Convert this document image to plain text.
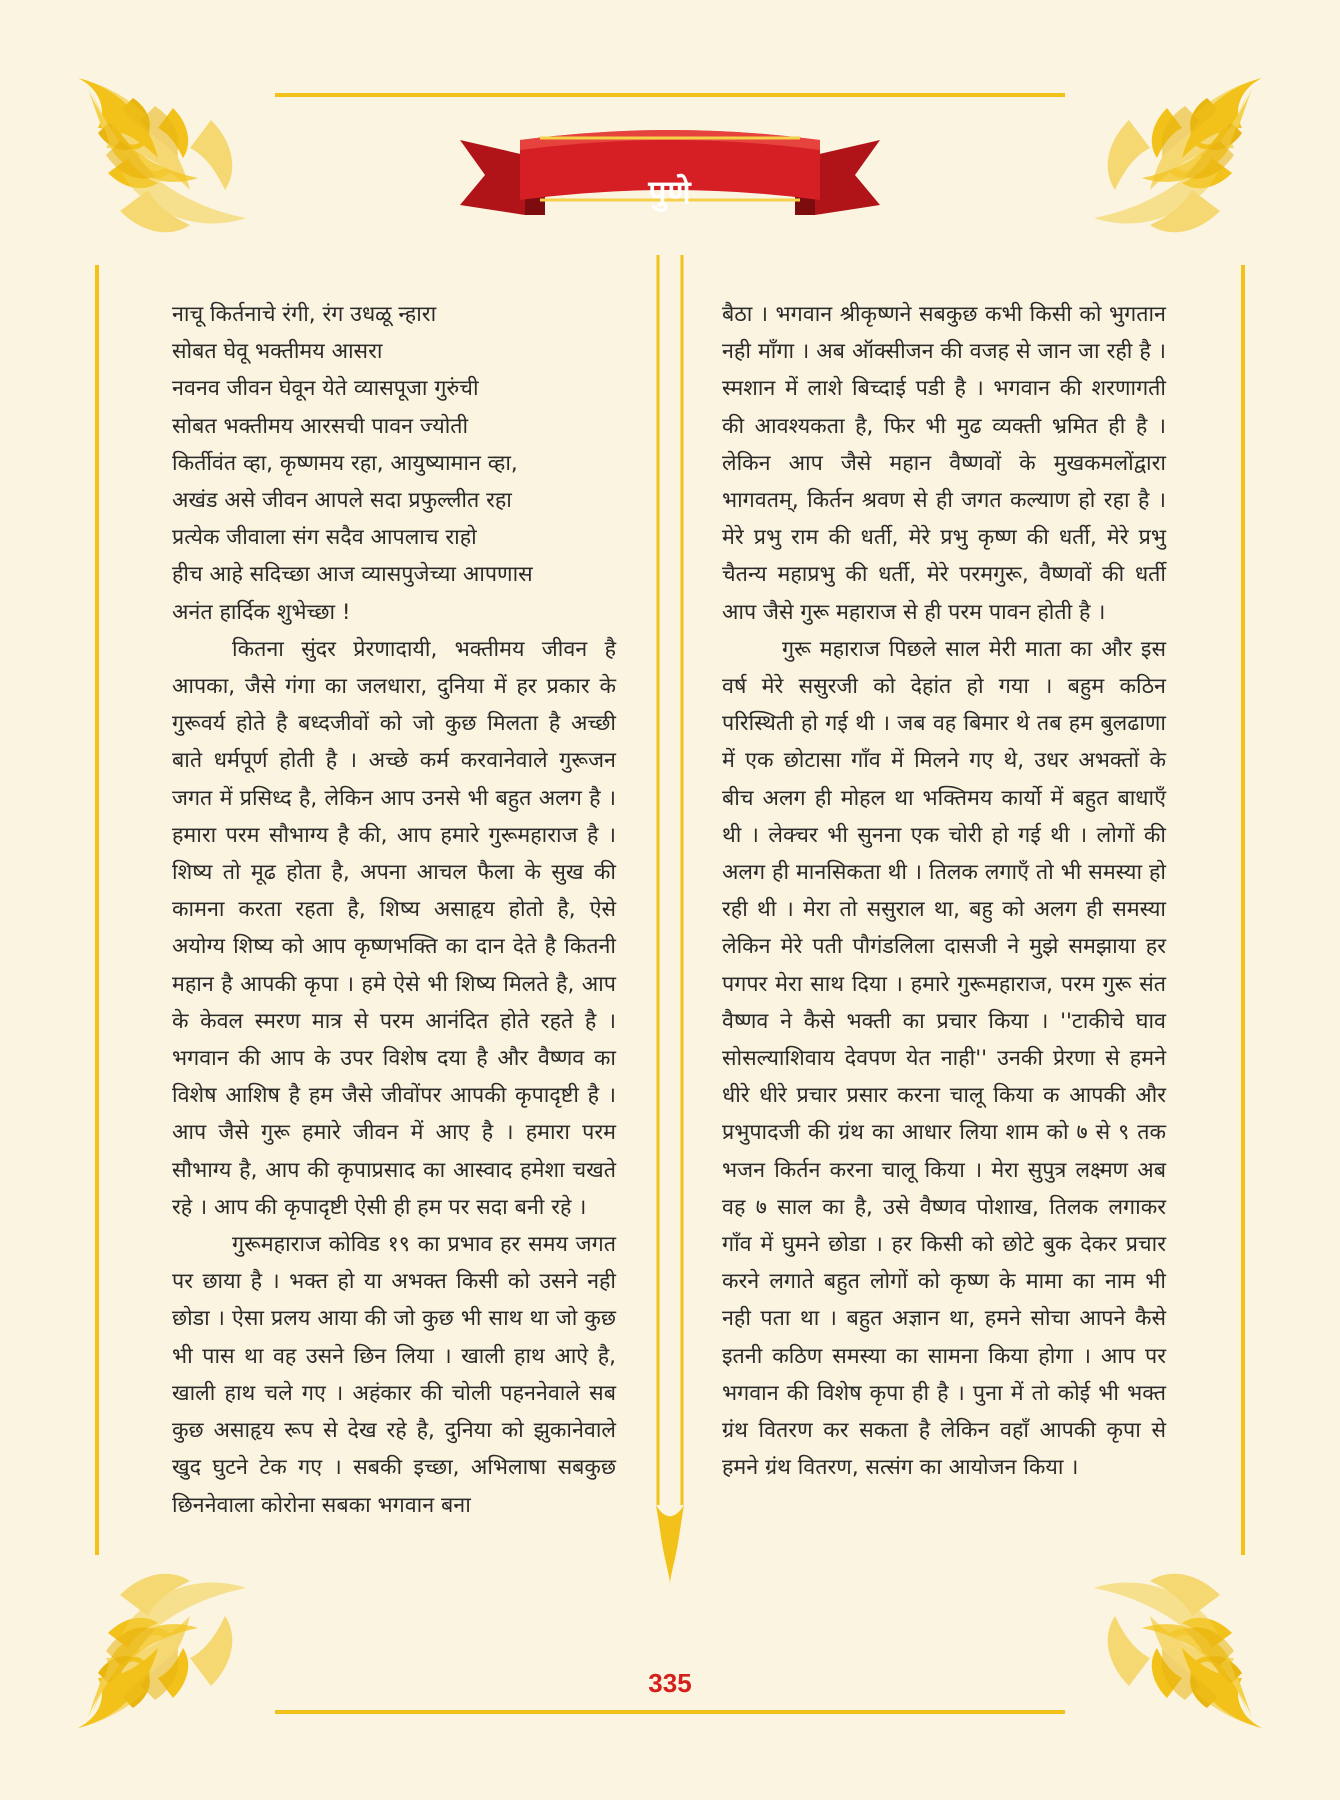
पुणे
नाचू किर्तनाचे रंगी, रंग उधळू न्हारा
सोबत घेवू भक्तीमय आसरा
नवनव जीवन घेवून येते व्यासपूजा गुरुंची
सोबत भक्तीमय आरसची पावन ज्योती
किर्तीवंत व्हा, कृष्णमय रहा, आयुष्यामान व्हा,
अखंड असे जीवन आपले सदा प्रफुल्लीत रहा
प्रत्येक जीवाला संग सदैव आपलाच राहो
हीच आहे सदिच्छा आज व्यासपुजेच्या आपणास
अनंत हार्दिक शुभेच्छा !

कितना सुंदर प्रेरणादायी, भक्तीमय जीवन है आपका, जैसे गंगा का जलधारा, दुनिया में हर प्रकार के गुरूवर्य होते है बध्दजीवों को जो कुछ मिलता है अच्छी बाते धर्मपूर्ण होती है । अच्छे कर्म करवानेवाले गुरूजन जगत में प्रसिध्द है, लेकिन आप उनसे भी बहुत अलग है । हमारा परम सौभाग्य है की, आप हमारे गुरूमहाराज है । शिष्य तो मूढ होता है, अपना आचल फैला के सुख की कामना करता रहता है, शिष्य असाहृय होतो है, ऐसे अयोग्य शिष्य को आप कृष्णभक्ति का दान देते है कितनी महान है आपकी कृपा । हमे ऐसे भी शिष्य मिलते है, आप के केवल स्मरण मात्र से परम आनंदित होते रहते है । भगवान की आप के उपर विशेष दया है और वैष्णव का विशेष आशिष है हम जैसे जीवोंपर आपकी कृपादृष्टी है । आप जैसे गुरू हमारे जीवन में आए है । हमारा परम सौभाग्य है, आप की कृपाप्रसाद का आस्वाद हमेशा चखते रहे । आप की कृपादृष्टी ऐसी ही हम पर सदा बनी रहे ।

गुरूमहाराज कोविड १९ का प्रभाव हर समय जगत पर छाया है । भक्त हो या अभक्त किसी को उसने नही छोडा । ऐसा प्रलय आया की जो कुछ भी साथ था जो कुछ भी पास था वह उसने छिन लिया । खाली हाथ आऐ है, खाली हाथ चले गए । अहंकार की चोली पहननेवाले सब कुछ असाहृय रूप से देख रहे है, दुनिया को झुकानेवाले खुद घुटने टेक गए । सबकी इच्छा, अभिलाषा सबकुछ छिननेवाला कोरोना सबका भगवान बना

बैठा । भगवान श्रीकृष्णने सबकुछ कभी किसी को भुगतान नही माँगा । अब ऑक्सीजन की वजह से जान जा रही है । स्मशान में लाशे बिच्दाई पडी है । भगवान की शरणागती की आवश्यकता है, फिर भी मुढ व्यक्ती भ्रमित ही है । लेकिन आप जैसे महान वैष्णवों के मुखकमलोंद्वारा भागवतम्, किर्तन श्रवण से ही जगत कल्याण हो रहा है । मेरे प्रभु राम की धर्ती, मेरे प्रभु कृष्ण की धर्ती, मेरे प्रभु चैतन्य महाप्रभु की धर्ती, मेरे परमगुरू, वैष्णवों की धर्ती आप जैसे गुरू महाराज से ही परम पावन होती है ।

गुरू महाराज पिछले साल मेरी माता का और इस वर्ष मेरे ससुरजी को देहांत हो गया । बहुम कठिन परिस्थिती हो गई थी । जब वह बिमार थे तब हम बुलढाणा में एक छोटासा गाँव में मिलने गए थे, उधर अभक्तों के बीच अलग ही मोहल था भक्तिमय कार्यो में बहुत बाधाएँ थी । लेक्चर भी सुनना एक चोरी हो गई थी । लोगों की अलग ही मानसिकता थी । तिलक लगाएँ तो भी समस्या हो रही थी । मेरा तो ससुराल था, बहु को अलग ही समस्या लेकिन मेरे पती पौगंडलिला दासजी ने मुझे समझाया हर पगपर मेरा साथ दिया । हमारे गुरूमहाराज, परम गुरू संत वैष्णव ने कैसे भक्ती का प्रचार किया । ''टाकीचे घाव सोसल्याशिवाय देवपण येत नाही'' उनकी प्रेरणा से हमने धीरे धीरे प्रचार प्रसार करना चालू किया क आपकी और प्रभुपादजी की ग्रंथ का आधार लिया शाम को ७ से ९ तक भजन किर्तन करना चालू किया । मेरा सुपुत्र लक्ष्मण अब वह ७ साल का है, उसे वैष्णव पोशाख, तिलक लगाकर गाँव में घुमने छोडा । हर किसी को छोटे बुक देकर प्रचार करने लगाते बहुत लोगों को कृष्ण के मामा का नाम भी नही पता था । बहुत अज्ञान था, हमने सोचा आपने कैसे इतनी कठिण समस्या का सामना किया होगा । आप पर भगवान की विशेष कृपा ही है । पुना में तो कोई भी भक्त ग्रंथ वितरण कर सकता है लेकिन वहाँ आपकी कृपा से हमने ग्रंथ वितरण, सत्संग का आयोजन किया ।

335
